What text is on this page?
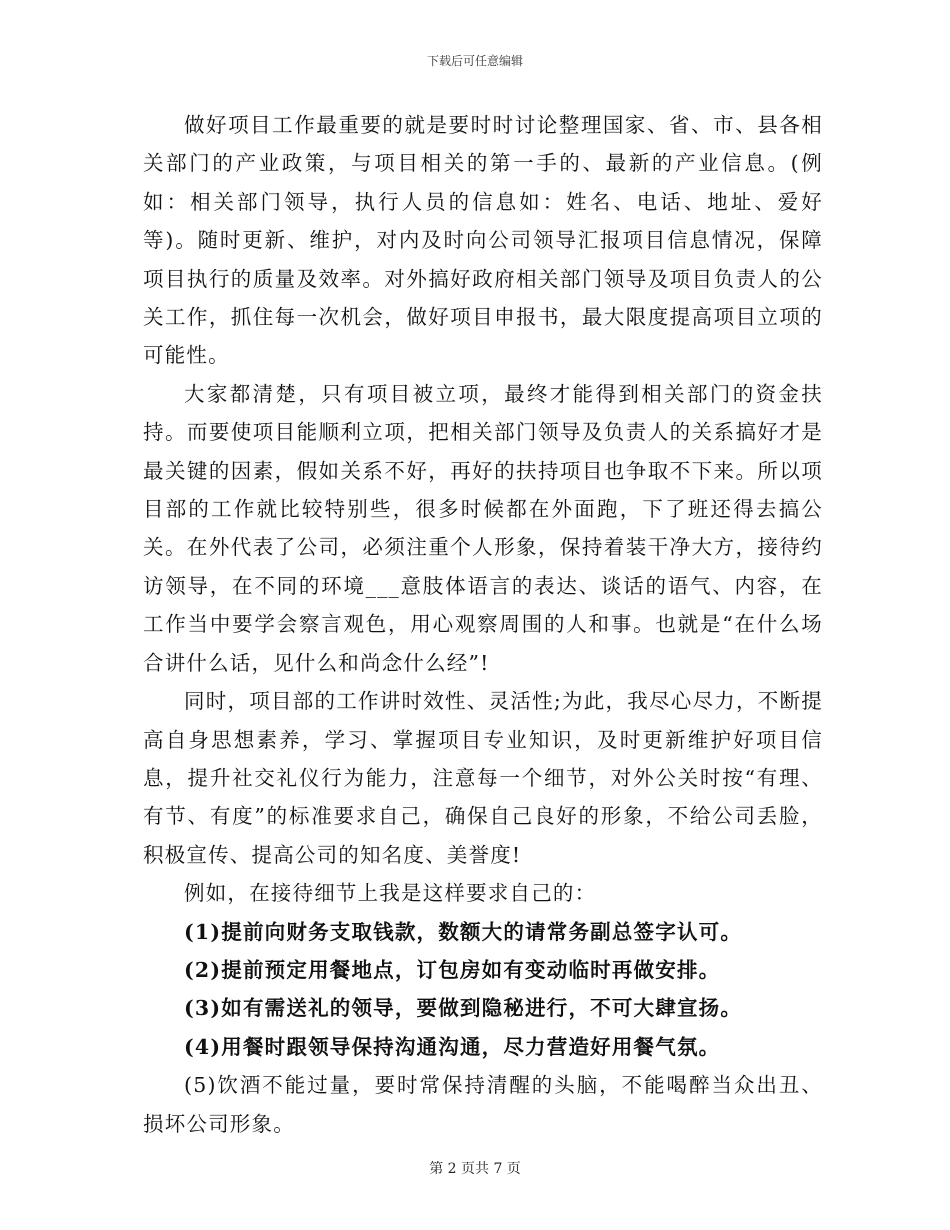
下载后可任意编辑

做好项目工作最重要的就是要时时讨论整理国家、省、市、县各相关部门的产业政策，与项目相关的第一手的、最新的产业信息。(例如：相关部门领导，执行人员的信息如：姓名、电话、地址、爱好等)。随时更新、维护，对内及时向公司领导汇报项目信息情况，保障项目执行的质量及效率。对外搞好政府相关部门领导及项目负责人的公关工作，抓住每一次机会，做好项目申报书，最大限度提高项目立项的可能性。

大家都清楚，只有项目被立项，最终才能得到相关部门的资金扶持。而要使项目能顺利立项，把相关部门领导及负责人的关系搞好才是最关键的因素，假如关系不好，再好的扶持项目也争取不下来。所以项目部的工作就比较特别些，很多时候都在外面跑，下了班还得去搞公关。在外代表了公司，必须注重个人形象，保持着装干净大方，接待约访领导，在不同的环境___意肢体语言的表达、谈话的语气、内容，在工作当中要学会察言观色，用心观察周围的人和事。也就是“在什么场合讲什么话，见什么和尚念什么经”!

同时，项目部的工作讲时效性、灵活性;为此，我尽心尽力，不断提高自身思想素养，学习、掌握项目专业知识，及时更新维护好项目信息，提升社交礼仪行为能力，注意每一个细节，对外公关时按“有理、有节、有度”的标准要求自己，确保自己良好的形象，不给公司丢脸，积极宣传、提高公司的知名度、美誉度!

例如，在接待细节上我是这样要求自己的：

(1)提前向财务支取钱款，数额大的请常务副总签字认可。

(2)提前预定用餐地点，订包房如有变动临时再做安排。

(3)如有需送礼的领导，要做到隐秘进行，不可大肆宣扬。

(4)用餐时跟领导保持沟通沟通，尽力营造好用餐气氛。

(5)饮酒不能过量，要时常保持清醒的头脑，不能喝醉当众出丑、损坏公司形象。

第 2 页共 7 页
